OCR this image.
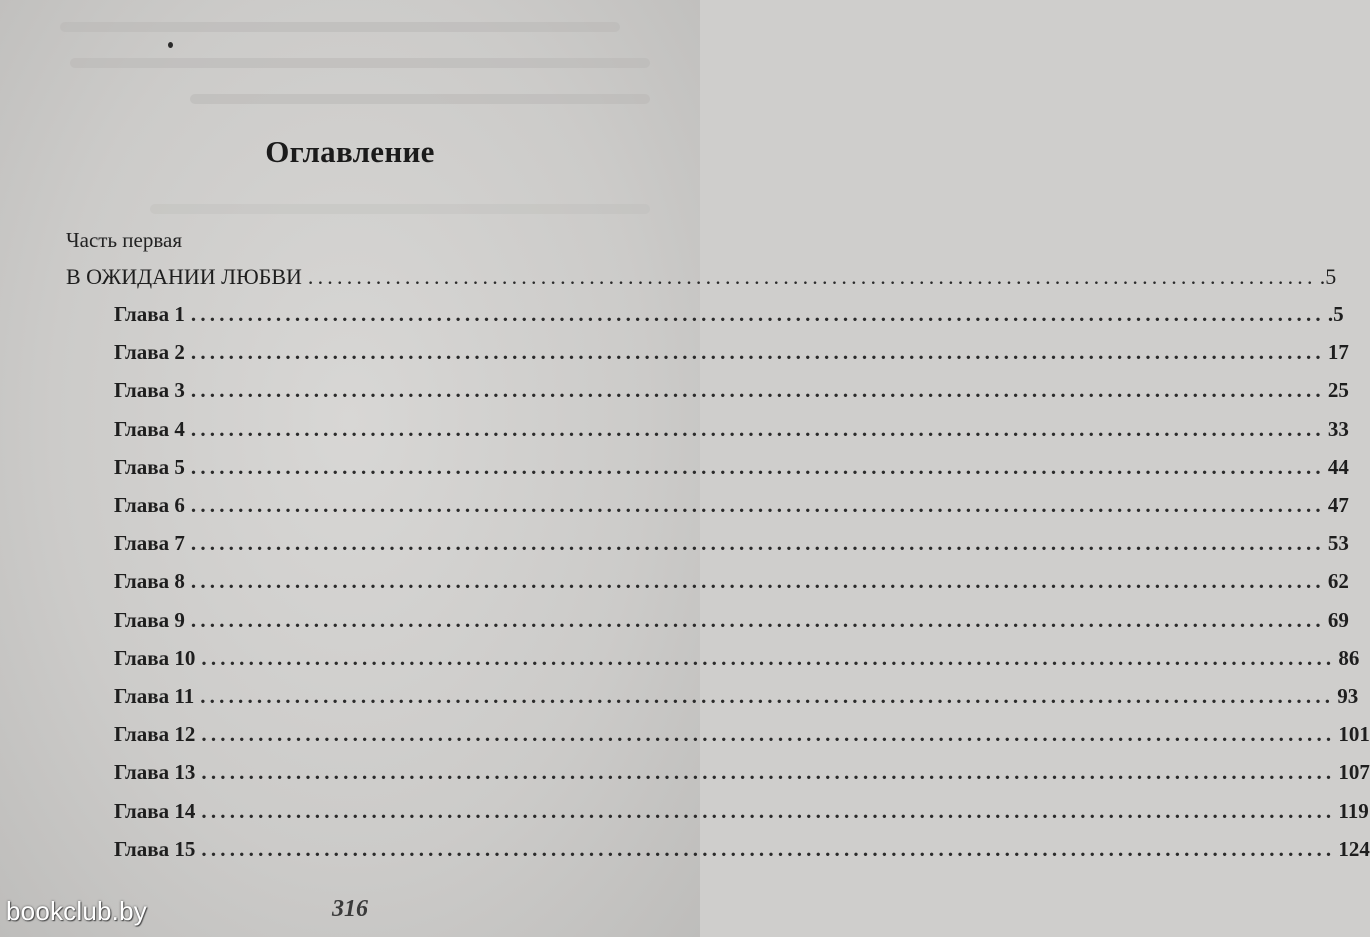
Оглавление
Часть первая
В ОЖИДАНИИ ЛЮБВИ ........................................................................................................ .5
Глава 1 ........................................................................................................................ .5
Глава 2 ........................................................................................................................ 17
Глава 3 ........................................................................................................................ 25
Глава 4 ........................................................................................................................ 33
Глава 5 ........................................................................................................................ 44
Глава 6 ........................................................................................................................ 47
Глава 7 ........................................................................................................................ 53
Глава 8 ........................................................................................................................ 62
Глава 9 ........................................................................................................................ 69
Глава 10 ........................................................................................................................ 86
Глава 11 ........................................................................................................................ 93
Глава 12 ........................................................................................................................ 101
Глава 13 ........................................................................................................................ 107
Глава 14 ........................................................................................................................ 119
Глава 15 ........................................................................................................................ 124
316
bookclub.by
